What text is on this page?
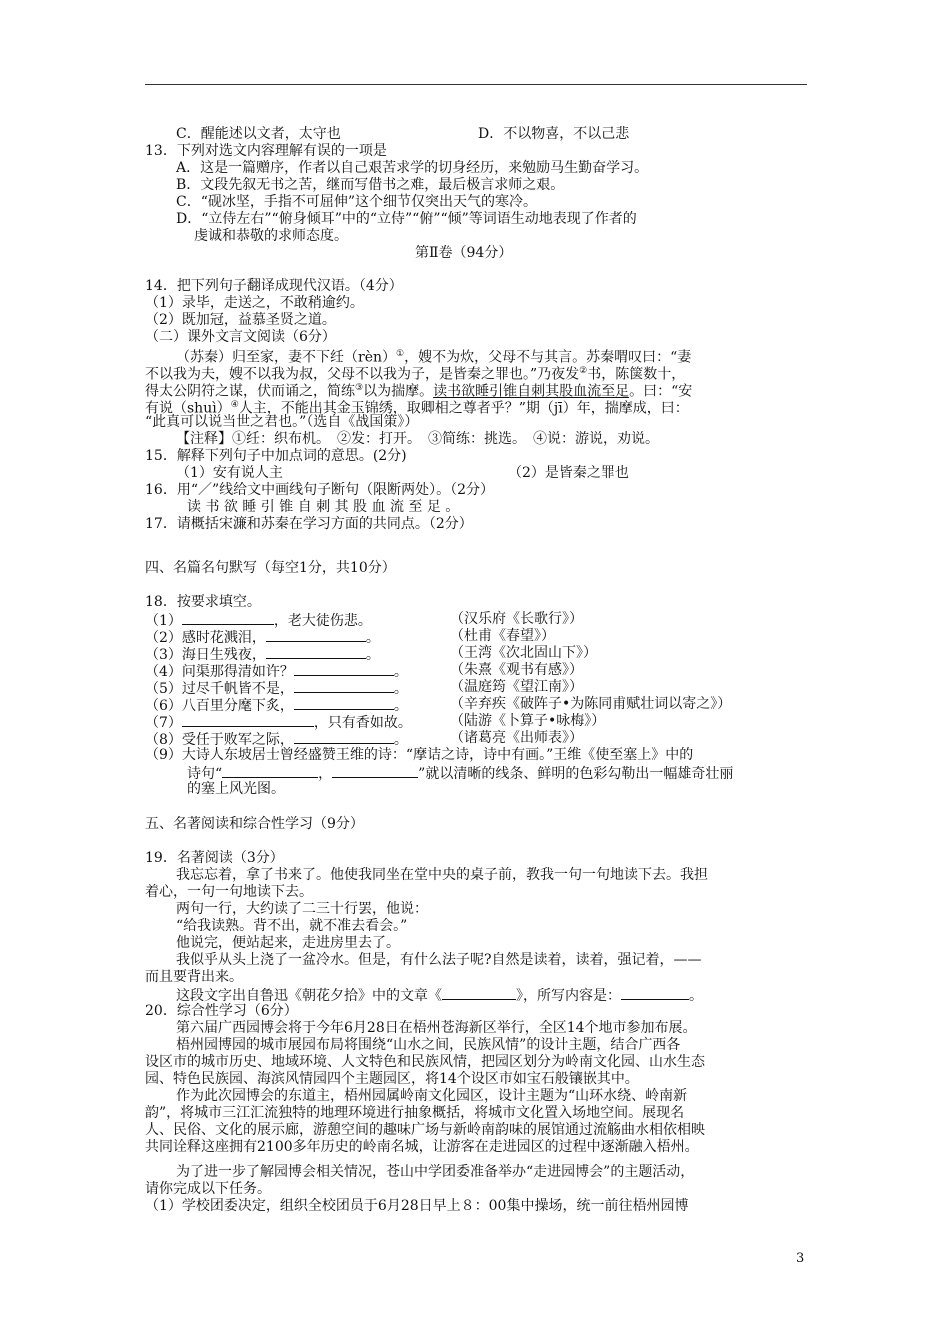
C．醒能述以文者，太守也	D．不以物喜，不以己悲
13．下列对选文内容理解有误的一项是
A．这是一篇赠序，作者以自己艰苦求学的切身经历，来勉励马生勤奋学习。
B．文段先叙无书之苦，继而写借书之难，最后极言求师之艰。
C．“砚冰坚，手指不可屈伸”这个细节仅突出天气的寒冷。
D．“立侍左右”“俯身倾耳”中的“立侍”“俯”“倾”等词语生动地表现了作者的
虔诚和恭敬的求师态度。
第Ⅱ卷（94分）
14．把下列句子翻译成现代汉语。（4分）
（1）录毕，走送之，不敢稍逾约。
（2）既加冠，益慕圣贤之道。
（二）课外文言文阅读（6分）
（苏秦）归至家，妻不下纴（rèn）①，嫂不为炊，父母不与其言。苏秦喟叹曰：“妻
不以我为夫，嫂不以我为叔，父母不以我为子，是皆秦之罪也。”乃夜发②书，陈箧数十，
得太公阴符之谋，伏而诵之，简练③以为揣摩。读书欲睡引锥自刺其股血流至足。曰：“安
有说（shuì）④人主，不能出其金玉锦绣，取卿相之尊者乎？”期（jī）年，揣摩成，曰：
“此真可以说当世之君也。”（选自《战国策》）
【注释】①纴：织布机。　②发：打开。　③简练：挑选。　④说：游说，劝说。
15．解释下列句子中加点词的意思。(2分)
（1）安有说人主	（2）是皆秦之罪也
16．用“／”线给文中画线句子断句（限断两处）。（2分）
读 书 欲 睡 引 锥 自 刺 其 股 血 流 至 足 。
17．请概括宋濂和苏秦在学习方面的共同点。（2分）
四、名篇名句默写（每空1分，共10分）
18．按要求填空。
（1）	，老大徒伤悲。	（汉乐府《长歌行》）
（2）感时花溅泪，	。	（杜甫《春望》）
（3）海日生残夜，	。	（王湾《次北固山下》）
（4）问渠那得清如许？	。	（朱熹《观书有感》）
（5）过尽千帆皆不是，	。	（温庭筠《望江南》）
（6）八百里分麾下炙，	。	（辛弃疾《破阵子•为陈同甫赋壮词以寄之》）
（7）	，只有香如故。	（陆游《卜算子•咏梅》）
（8）受任于败军之际，	。	（诸葛亮《出师表》）
（9）大诗人东坡居士曾经盛赞王维的诗：“摩诘之诗，诗中有画。”王维《使至塞上》中的
诗句“	，	”就以清晰的线条、鲜明的色彩勾勒出一幅雄奇壮丽
的塞上风光图。
五、名著阅读和综合性学习（9分）
19．名著阅读（3分）
我忘忘着，拿了书来了。他使我同坐在堂中央的桌子前，教我一句一句地读下去。我担
着心，一句一句地读下去。
两句一行，大约读了二三十行罢，他说：
“给我读熟。背不出，就不准去看会。”
他说完，便站起来，走进房里去了。
我似乎从头上浇了一盆冷水。但是，有什么法子呢?自然是读着，读着，强记着，——
而且要背出来。
这段文字出自鲁迅《朝花夕拾》中的文章《	》，所写内容是：	。
20．综合性学习（6分）
第六届广西园博会将于今年6月28日在梧州苍海新区举行，全区14个地市参加布展。
梧州园博园的城市展园布局将围绕“山水之间，民族风情”的设计主题，结合广西各
设区市的城市历史、地域环境、人文特色和民族风情，把园区划分为岭南文化园、山水生态
园、特色民族园、海滨风情园四个主题园区，将14个设区市如宝石般镶嵌其中。
作为此次园博会的东道主，梧州园属岭南文化园区，设计主题为“山环水绕、岭南新
韵”，将城市三江汇流独特的地理环境进行抽象概括，将城市文化置入场地空间。展现名
人、民俗、文化的展示廊，游憩空间的趣味广场与新岭南韵味的展馆通过流觞曲水相依相映
共同诠释这座拥有2100多年历史的岭南名城，让游客在走进园区的过程中逐渐融入梧州。
为了进一步了解园博会相关情况，苍山中学团委准备举办“走进园博会”的主题活动，
请你完成以下任务。
（1）学校团委决定，组织全校团员于6月28日早上８：00集中操场，统一前往梧州园博
3
